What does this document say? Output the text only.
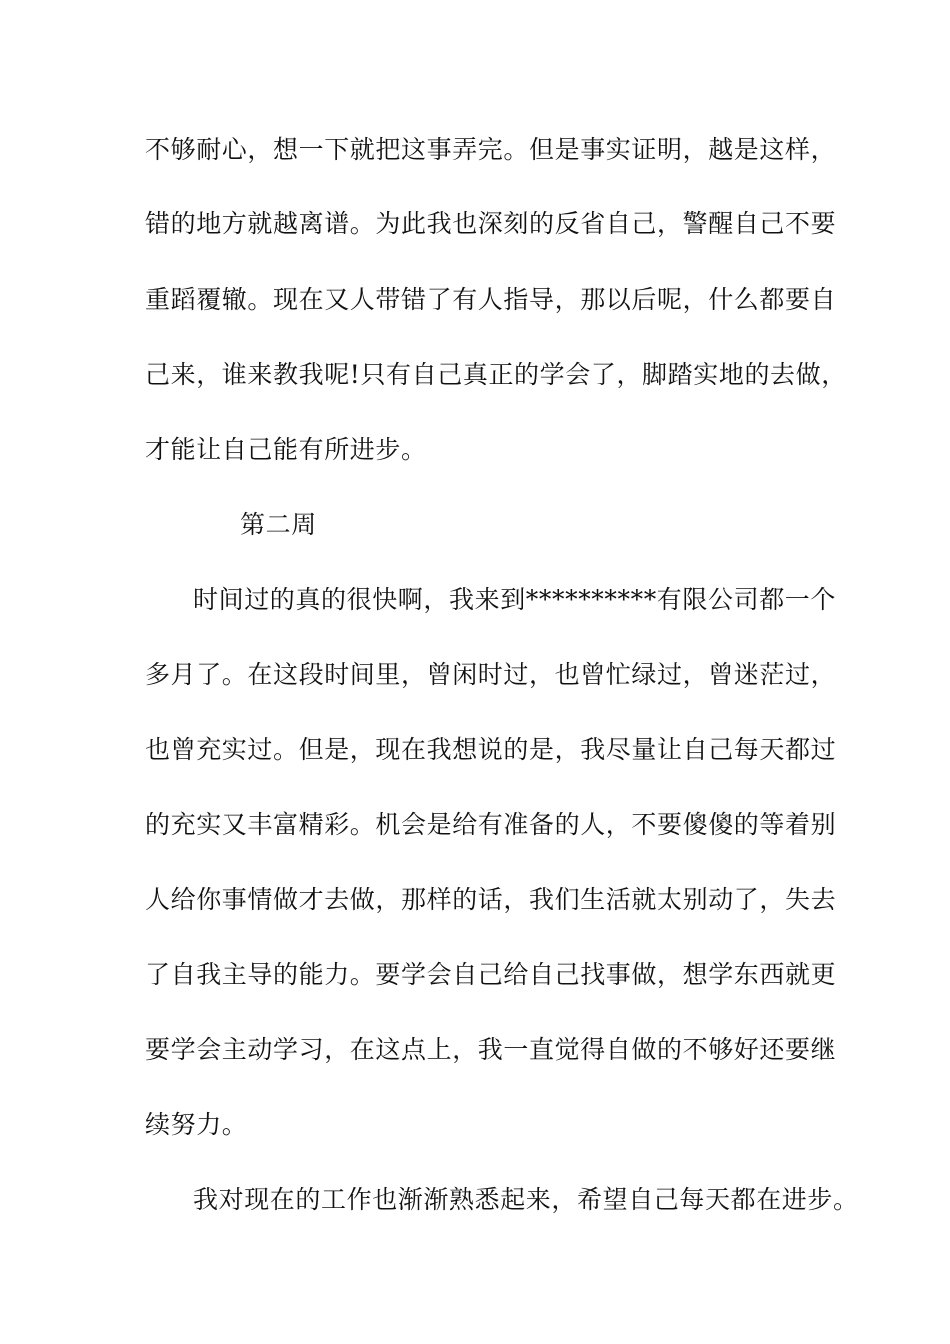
不够耐心，想一下就把这事弄完。但是事实证明，越是这样，
错的地方就越离谱。为此我也深刻的反省自己，警醒自己不要
重蹈覆辙。现在又人带错了有人指导，那以后呢，什么都要自
己来，谁来教我呢!只有自己真正的学会了，脚踏实地的去做，
才能让自己能有所进步。
第二周
时间过的真的很快啊，我来到**********有限公司都一个
多月了。在这段时间里，曾闲时过，也曾忙绿过，曾迷茫过，
也曾充实过。但是，现在我想说的是，我尽量让自己每天都过
的充实又丰富精彩。机会是给有准备的人，不要傻傻的等着别
人给你事情做才去做，那样的话，我们生活就太别动了，失去
了自我主导的能力。要学会自己给自己找事做，想学东西就更
要学会主动学习，在这点上，我一直觉得自做的不够好还要继
续努力。
我对现在的工作也渐渐熟悉起来，希望自己每天都在进步。
